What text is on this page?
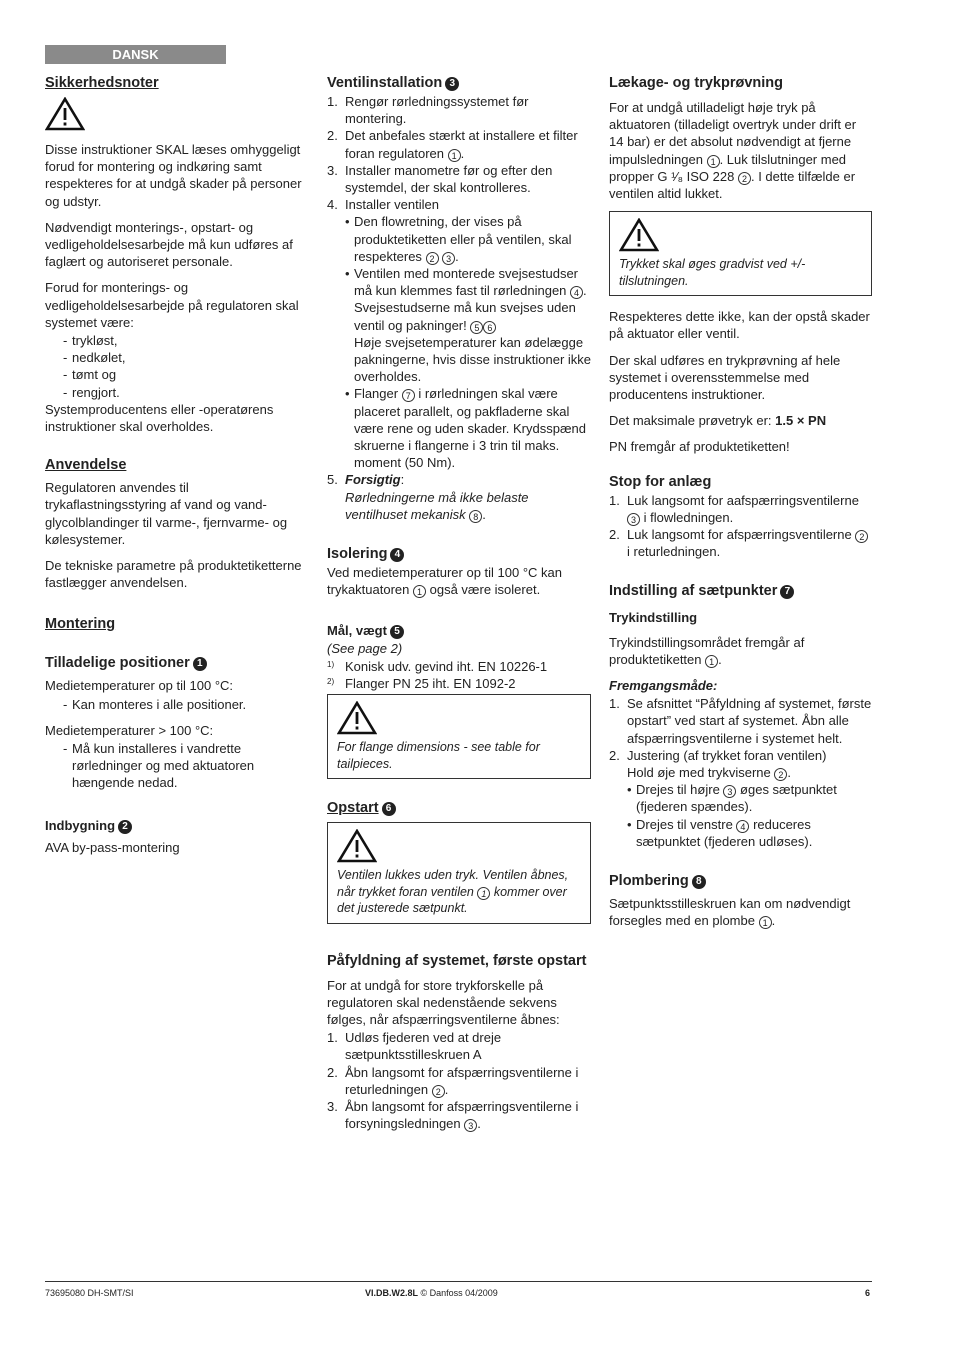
DANSK
Sikkerhedsnoter

Disse instruktioner SKAL læses omhyggeligt forud for montering og indkøring samt respekteres for at undgå skader på personer og udstyr.

Nødvendigt monterings-, opstart- og vedligeholdelsesarbejde må kun udføres af faglært og autoriseret personale.

Forud for monterings- og vedligeholdelsesarbejde på regulatoren skal systemet være:

- trykløst,
- nedkølet,
- tømt og
- rengjort.

Systemproducentens eller -operatørens instruktioner skal overholdes.

Anvendelse

Regulatoren anvendes til trykaflastningsstyring af vand og vand-glycolblandinger til varme-, fjernvarme- og kølesystemer.

De tekniske parametre på produktetiketterne fastlægger anvendelsen.

Montering
Tilladelige positioner 1

Medietemperaturer op til 100 °C:

- Kan monteres i alle positioner.

Medietemperaturer > 100 °C:

- Må kun installeres i vandrette rørledninger og med aktuatoren hængende nedad.
Indbygning 2

AVA by-pass-montering

Ventilinstallation 3
1. Rengør rørledningssystemet før montering.
2. Det anbefales stærkt at installere et filter foran regulatoren 1 .
3. Installer manometre før og efter den systemdel, der skal kontrolleres.
4. Installer ventilen
• Den flowretning, der vises på produktetiketten eller på ventilen, skal respekteres 2 3 .
• Ventilen med monterede svejsestudser må kun klemmes fast til rørledningen 4 .
Svejsestudserne må kun svejses uden ventil og pakninger! 5 6
Høje svejsetemperaturer kan ødelægge pakningerne, hvis disse instruktioner ikke overholdes.
• Flanger 7 i rørledningen skal være placeret parallelt, og pakfladerne skal være rene og uden skader. Krydsspænd skruerne i flangerne i 3 trin til maks. moment (50 Nm).
5. Forsigtig:
Rørledningerne må ikke belaste ventilhuset mekanisk 8 .
Isolering 4

Ved medietemperaturer op til 100 °C kan trykaktuatoren 1 også være isoleret.

Mål, vægt 5
(See page 2)
1) Konisk udv. gevind iht. EN 10226-1
2) Flanger PN 25 iht. EN 1092-2
For flange dimensions - see table for tailpieces.
Opstart 6
Ventilen lukkes uden tryk. Ventilen åbnes, når trykket foran ventilen 1 kommer over det justerede sætpunkt.
Påfyldning af systemet, første opstart

For at undgå for store trykforskelle på regulatoren skal nedenstående sekvens følges, når afspærringsventilerne åbnes:

1. Udløs fjederen ved at dreje sætpunktsstilleskruen A
2. Åbn langsomt for afspærringsventilerne i returledningen 2 .
3. Åbn langsomt for afspærringsventilerne i forsyningsledningen 3 .
Lækage- og trykprøvning

For at undgå utilladeligt høje tryk på aktuatoren (tilladeligt overtryk under drift er 14 bar) er det absolut nødvendigt at fjerne impulsledningen 1 . Luk tilslutninger med propper G ¹⁄₈ ISO 228 2 . I dette tilfælde er ventilen altid lukket.

Trykket skal øges gradvist ved +/- tilslutningen.

Respekteres dette ikke, kan der opstå skader på aktuator eller ventil.

Der skal udføres en trykprøvning af hele systemet i overensstemmelse med producentens instruktioner.

Det maksimale prøvetryk er: 1.5 × PN

PN fremgår af produktetiketten!

Stop for anlæg
1. Luk langsomt for aafspærringsventilerne 3 i flowledningen.
2. Luk langsomt for afspærringsventilerne 2 i returledningen.
Indstilling af sætpunkter 7

Trykindstilling

Trykindstillingsområdet fremgår af produktetiketten 1 .

Fremgangsmåde:

1. Se afsnittet “Påfyldning af systemet, første opstart” ved start af systemet. Åbn alle afspærringsventilerne i systemet helt.
2. Justering (af trykket foran ventilen)
Hold øje med trykviserne 2 .
• Drejes til højre 3 øges sætpunktet (fjederen spændes).
• Drejes til venstre 4 reduceres sætpunktet (fjederen udløses).
Plombering 8

Sætpunktsstilleskruen kan om nødvendigt forsegles med en plombe 1 .

73695080 DH-SMT/SI	VI.DB.W2.8L © Danfoss 04/2009	6
